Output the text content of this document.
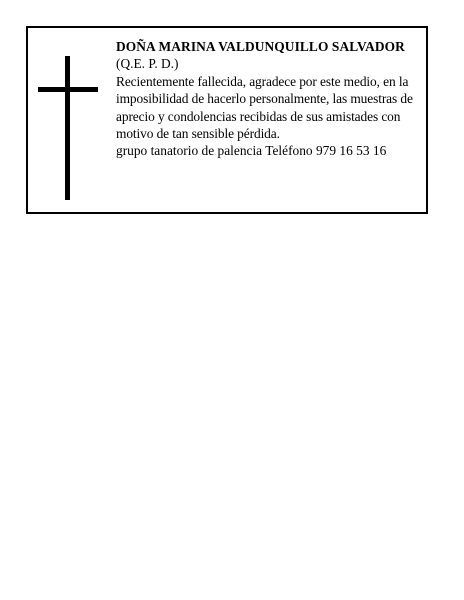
DOÑA MARINA VALDUNQUILLO SALVADOR

(Q.E. P. D.)

Recientemente fallecida, agradece por este medio, en la imposibilidad de hacerlo personalmente, las muestras de aprecio y condolencias recibidas de sus amistades con motivo de tan sensible pérdida.

grupo tanatorio de palencia Teléfono 979 16 53 16
